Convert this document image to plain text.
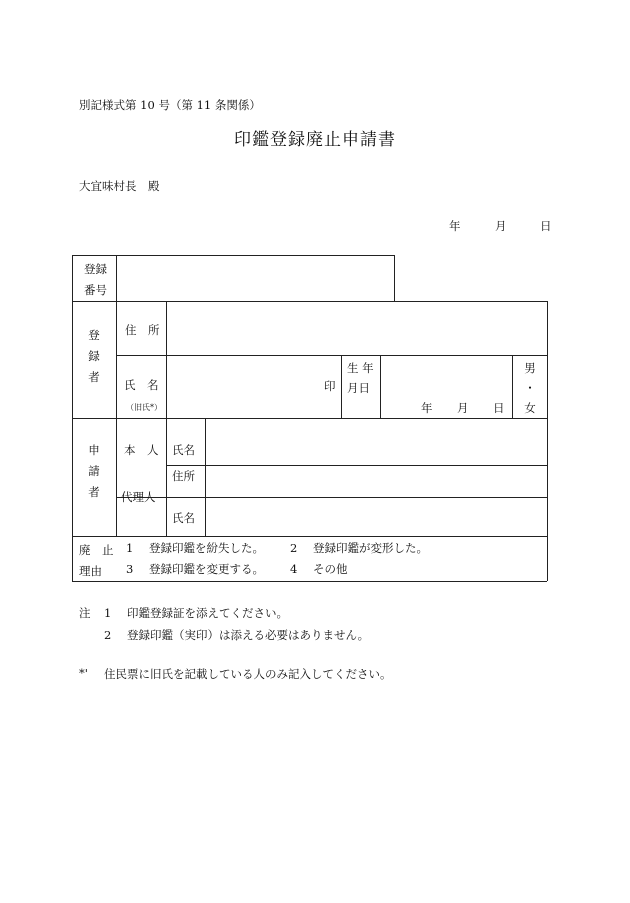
別記様式第 10 号（第 11 条関係）
印鑑登録廃止申請書
大宜味村長　殿
年	月	日
登録
番号
登 録 者
住　所
氏　名
（旧氏*）
印
生 年
月日
年 月 日
男 ・ 女
申 請 者
本　人 氏名
代理人
住所
氏名
廃　止
理由
1 登録印鑑を紛失した。 2 登録印鑑が変形した。
3 登録印鑑を変更する。 4 その他
注 1 印鑑登録証を添えてください。
2 登録印鑑（実印）は添える必要はありません。
*' 住民票に旧氏を記載している人のみ記入してください。
